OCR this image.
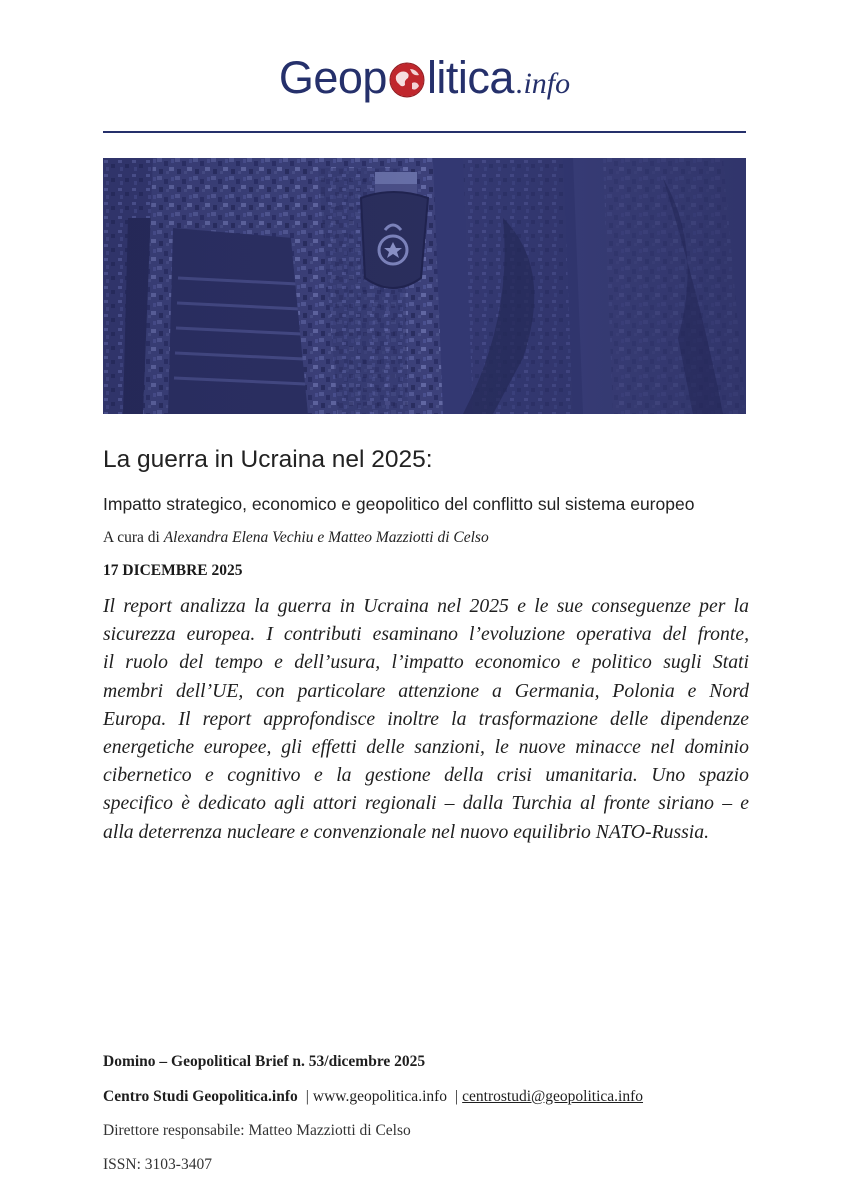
Geop litica .info
La guerra in Ucraina nel 2025:
Impatto strategico, economico e geopolitico del conflitto sul sistema europeo
A cura di Alexandra Elena Vechiu e Matteo Mazziotti di Celso
17 DICEMBRE 2025
Il report analizza la guerra in Ucraina nel 2025 e le sue conseguenze per la
sicurezza europea. I contributi esaminano l’evoluzione operativa del fronte,
il ruolo del tempo e dell’usura, l’impatto economico e politico sugli Stati
membri dell’UE, con particolare attenzione a Germania, Polonia e Nord
Europa. Il report approfondisce inoltre la trasformazione delle dipendenze
energetiche europee, gli effetti delle sanzioni, le nuove minacce nel dominio
cibernetico e cognitivo e la gestione della crisi umanitaria. Uno spazio
specifico è dedicato agli attori regionali – dalla Turchia al fronte siriano – e
alla deterrenza nucleare e convenzionale nel nuovo equilibrio NATO-Russia.
Domino – Geopolitical Brief n. 53/dicembre 2025
Centro Studi Geopolitica.info | www.geopolitica.info | centrostudi@geopolitica.info
Direttore responsabile: Matteo Mazziotti di Celso
ISSN: 3103-3407
